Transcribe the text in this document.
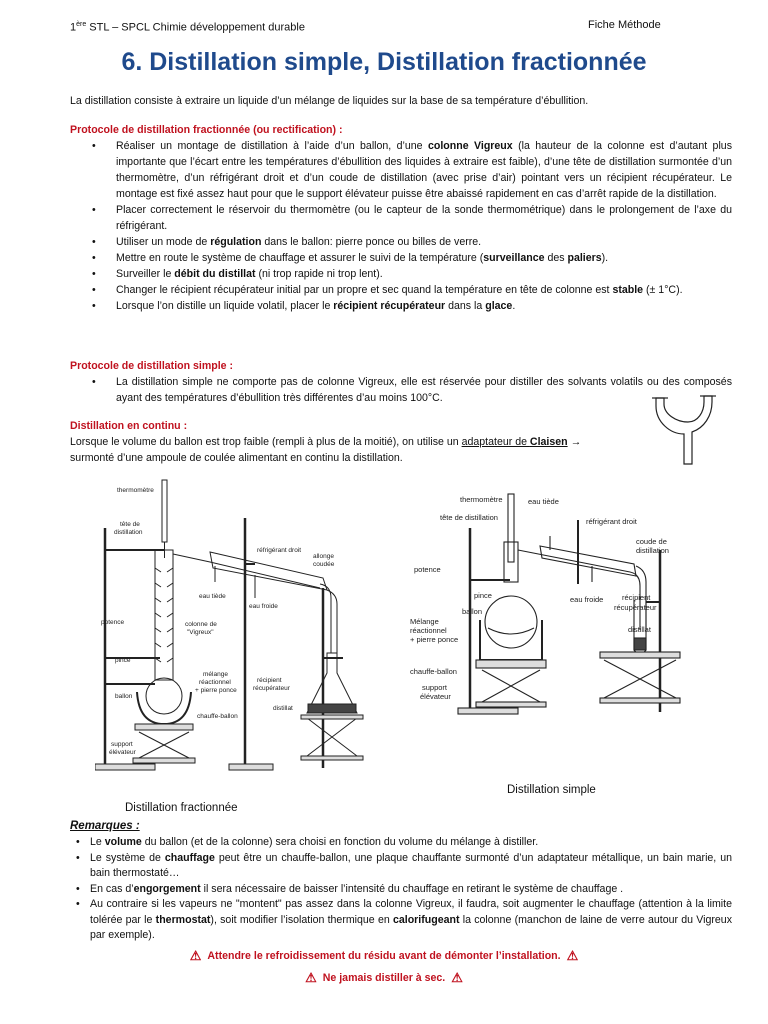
1ère STL – SPCL Chimie développement durable	Fiche Méthode
6. Distillation simple, Distillation fractionnée

La distillation consiste à extraire un liquide d’un mélange de liquides sur la base de sa température d’ébullition.

Protocole de distillation fractionnée (ou rectification) :
• Réaliser un montage de distillation à l’aide d’un ballon, d’une colonne Vigreux (la hauteur de la colonne est d’autant plus importante que l’écart entre les températures d’ébullition des liquides à extraire est faible), d’une tête de distillation surmontée d’un thermomètre, d’un réfrigérant droit et d’un coude de distillation (avec prise d’air) pointant vers un récipient récupérateur. Le montage est fixé assez haut pour que le support élévateur puisse être abaissé rapidement en cas d’arrêt rapide de la distillation.
• Placer correctement le réservoir du thermomètre (ou le capteur de la sonde thermométrique) dans le prolongement de l’axe du réfrigérant.
• Utiliser un mode de régulation dans le ballon: pierre ponce ou billes de verre.
• Mettre en route le système de chauffage et assurer le suivi de la température (surveillance des paliers).
• Surveiller le débit du distillat (ni trop rapide ni trop lent).
• Changer le récipient récupérateur initial par un propre et sec quand la température en tête de colonne est stable (± 1°C).
• Lorsque l’on distille un liquide volatil, placer le récipient récupérateur dans la glace.
Protocole de distillation simple :
• La distillation simple ne comporte pas de colonne Vigreux, elle est réservée pour distiller des solvants volatils ou des composés ayant des températures d’ébullition très différentes d’au moins 100°C.
Distillation en continu :
Lorsque le volume du ballon est trop faible (rempli à plus de la moitié), on utilise un adaptateur de Claisen →
surmonté d’une ampoule de coulée alimentant en continu la distillation.
thermomètre
tête de
distillation
réfrigérant droit
allonge
coudée
eau tiède
eau froide
potence	colonne de
"Vigreux"
pince
mélange
réactionnel
+ pierre ponce
récipient
récupérateur
ballon
chauffe-ballon
distillat
support
élévateur
thermomètre
tête de distillation
eau tiède
réfrigérant droit
coude de
distillation
potence
pince	eau froide
ballon
récipient
récupérateur
Mélange
réactionnel
+ pierre ponce
distillat
chauffe-ballon
support
élévateur
Distillation fractionnée
Distillation simple
Remarques :
• Le volume du ballon (et de la colonne) sera choisi en fonction du volume du mélange à distiller.
• Le système de chauffage peut être un chauffe-ballon, une plaque chauffante surmonté d’un adaptateur métallique, un bain marie, un bain thermostaté…
• En cas d’engorgement il sera nécessaire de baisser l’intensité du chauffage en retirant le système de chauffage .
• Au contraire si les vapeurs ne "montent" pas assez dans la colonne Vigreux, il faudra, soit augmenter le chauffage (attention à la limite tolérée par le thermostat), soit modifier l’isolation thermique en calorifugeant la colonne (manchon de laine de verre autour du Vigreux par exemple).
⚠ Attendre le refroidissement du résidu avant de démonter l’installation. ⚠
⚠ Ne jamais distiller à sec. ⚠
